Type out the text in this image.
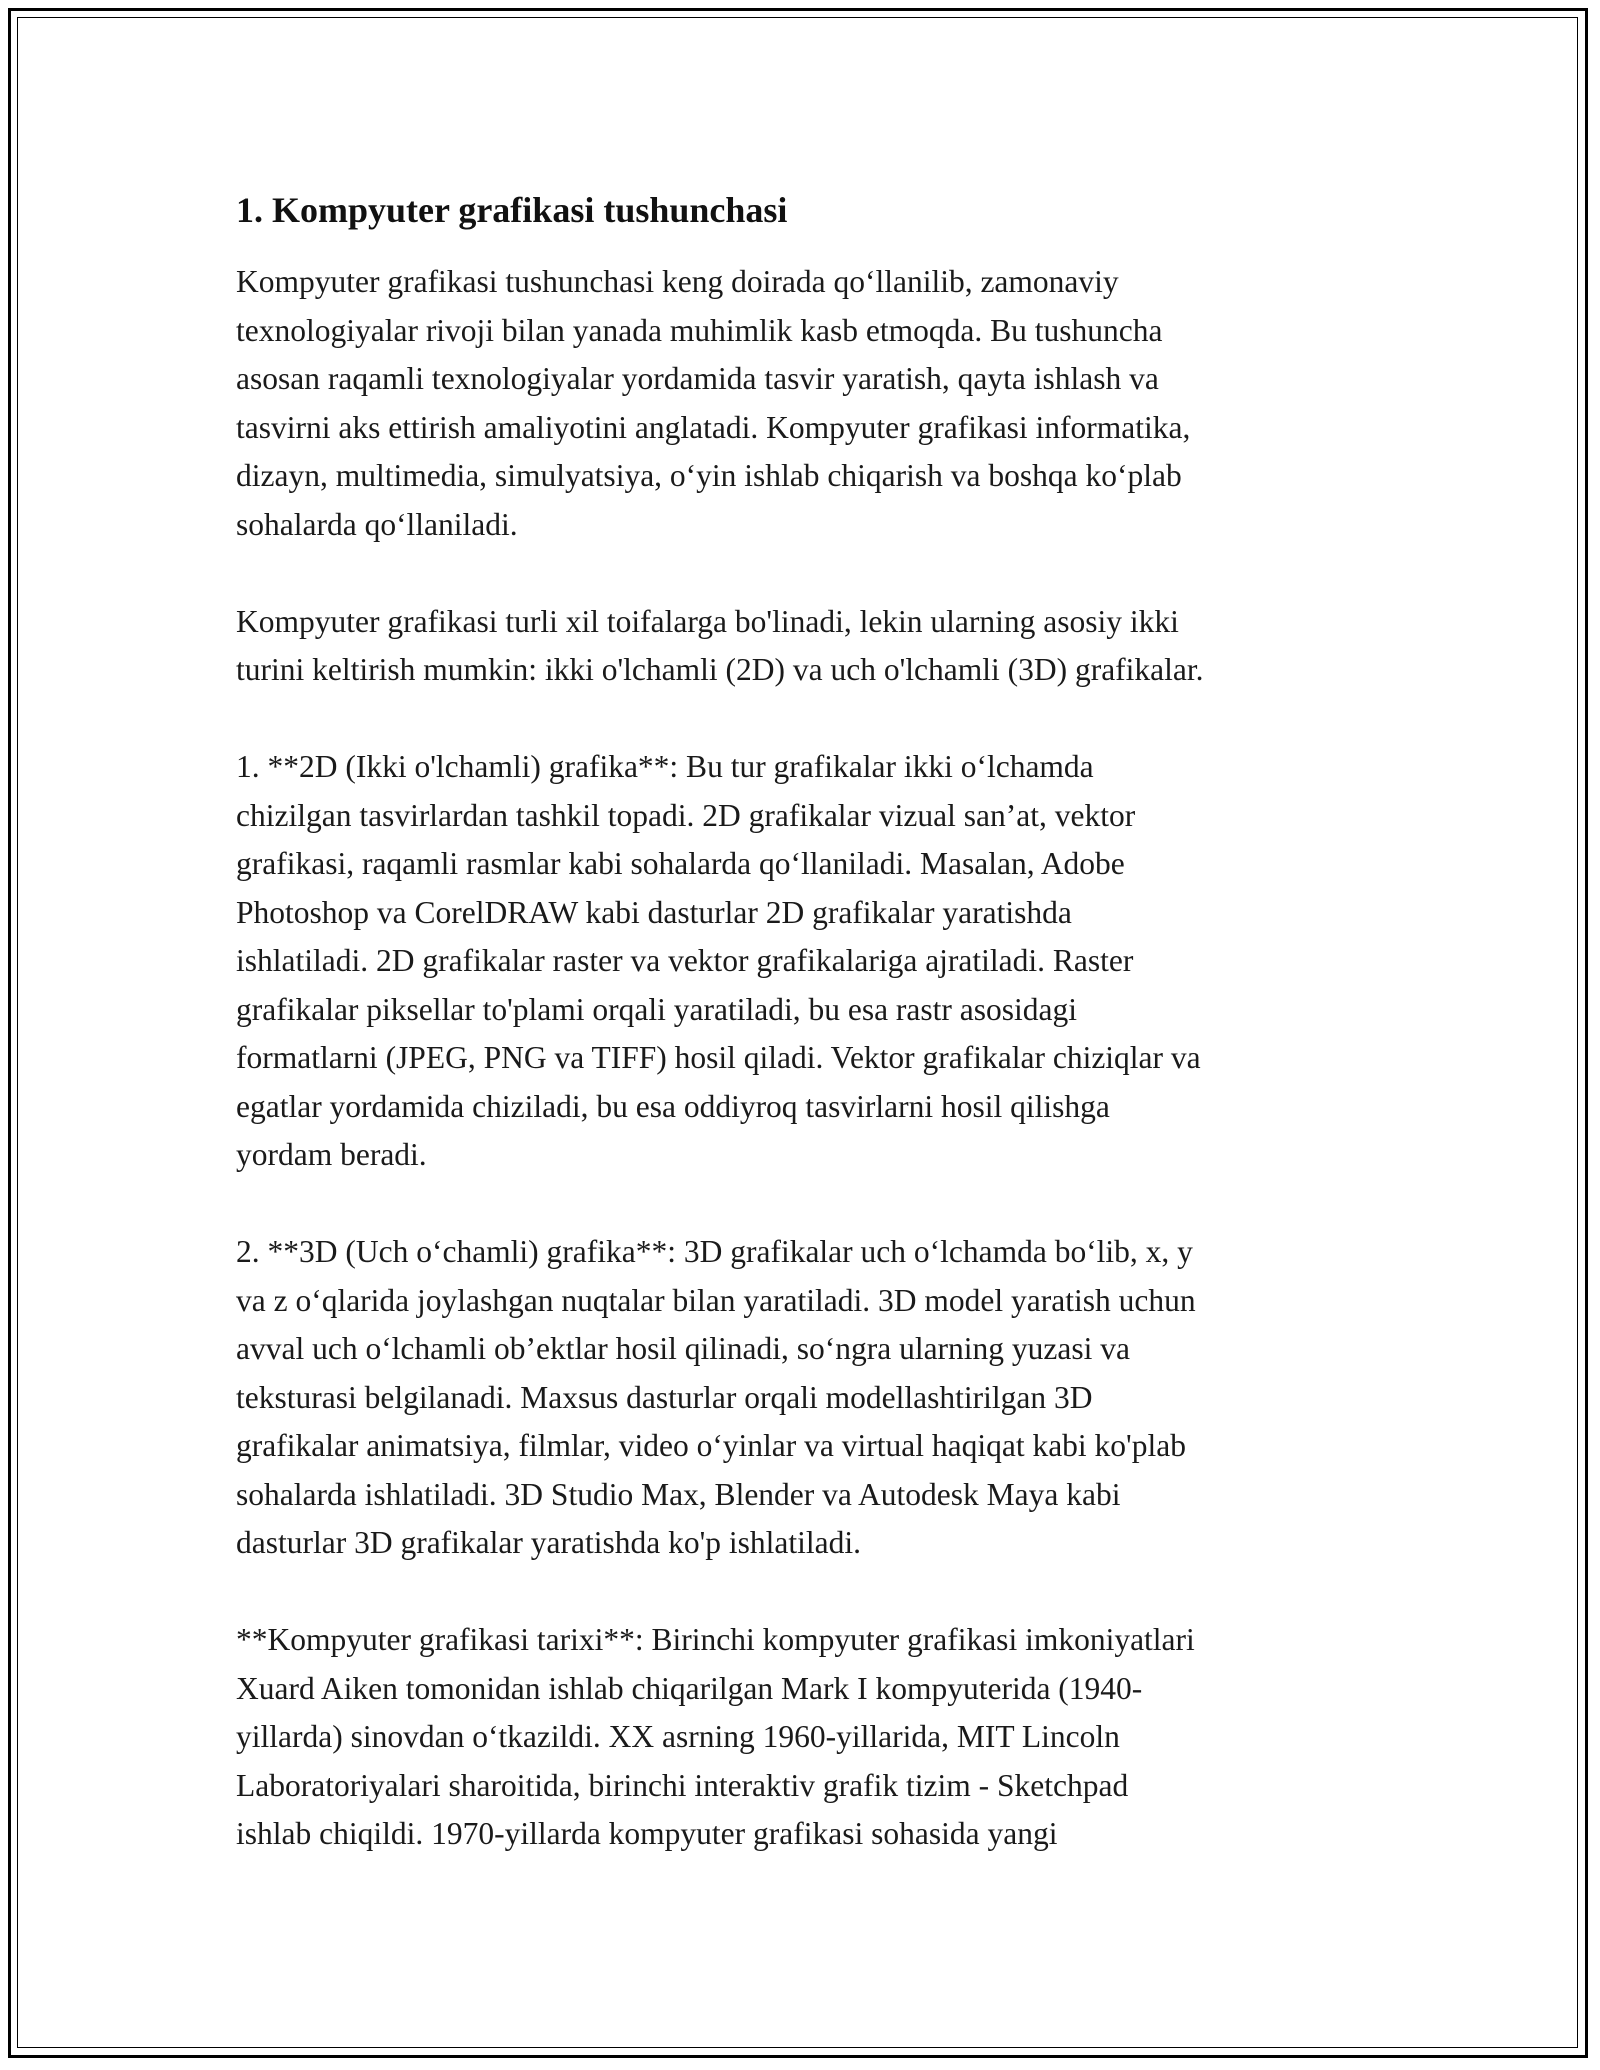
1. Kompyuter grafikasi tushunchasi

Kompyuter grafikasi tushunchasi keng doirada qo‘llanilib, zamonaviy
texnologiyalar rivoji bilan yanada muhimlik kasb etmoqda. Bu tushuncha
asosan raqamli texnologiyalar yordamida tasvir yaratish, qayta ishlash va
tasvirni aks ettirish amaliyotini anglatadi. Kompyuter grafikasi informatika,
dizayn, multimedia, simulyatsiya, o‘yin ishlab chiqarish va boshqa ko‘plab
sohalarda qo‘llaniladi.

Kompyuter grafikasi turli xil toifalarga bo'linadi, lekin ularning asosiy ikki
turini keltirish mumkin: ikki o'lchamli (2D) va uch o'lchamli (3D) grafikalar.

1. **2D (Ikki o'lchamli) grafika**: Bu tur grafikalar ikki o‘lchamda
chizilgan tasvirlardan tashkil topadi. 2D grafikalar vizual san’at, vektor
grafikasi, raqamli rasmlar kabi sohalarda qo‘llaniladi. Masalan, Adobe
Photoshop va CorelDRAW kabi dasturlar 2D grafikalar yaratishda
ishlatiladi. 2D grafikalar raster va vektor grafikalariga ajratiladi. Raster
grafikalar piksellar to'plami orqali yaratiladi, bu esa rastr asosidagi
formatlarni (JPEG, PNG va TIFF) hosil qiladi. Vektor grafikalar chiziqlar va
egatlar yordamida chiziladi, bu esa oddiyroq tasvirlarni hosil qilishga
yordam beradi.

2. **3D (Uch o‘chamli) grafika**: 3D grafikalar uch o‘lchamda bo‘lib, x, y
va z o‘qlarida joylashgan nuqtalar bilan yaratiladi. 3D model yaratish uchun
avval uch o‘lchamli ob’ektlar hosil qilinadi, so‘ngra ularning yuzasi va
teksturasi belgilanadi. Maxsus dasturlar orqali modellashtirilgan 3D
grafikalar animatsiya, filmlar, video o‘yinlar va virtual haqiqat kabi ko'plab
sohalarda ishlatiladi. 3D Studio Max, Blender va Autodesk Maya kabi
dasturlar 3D grafikalar yaratishda ko'p ishlatiladi.

**Kompyuter grafikasi tarixi**: Birinchi kompyuter grafikasi imkoniyatlari
Xuard Aiken tomonidan ishlab chiqarilgan Mark I kompyuterida (1940-
yillarda) sinovdan o‘tkazildi. XX asrning 1960-yillarida, MIT Lincoln
Laboratoriyalari sharoitida, birinchi interaktiv grafik tizim - Sketchpad
ishlab chiqildi. 1970-yillarda kompyuter grafikasi sohasida yangi
